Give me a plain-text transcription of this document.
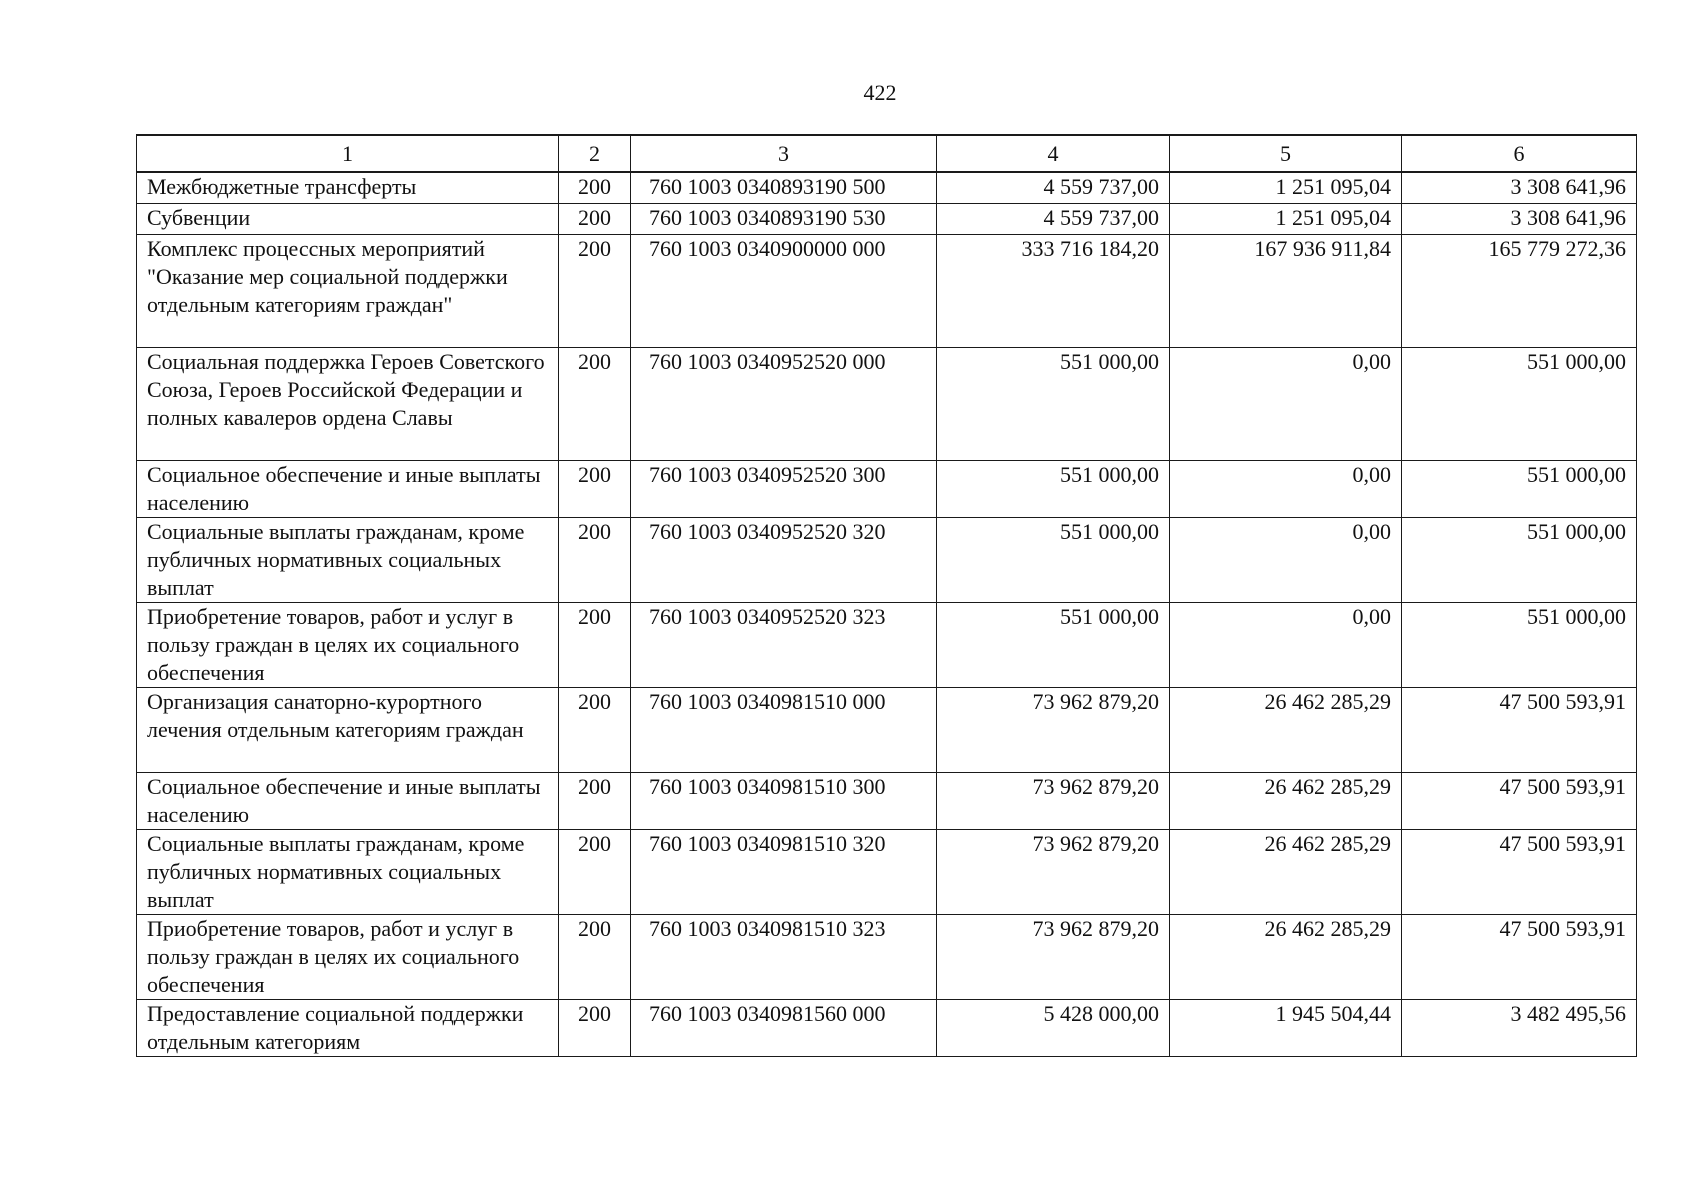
422
1	2	3	4	5	6
Межбюджетные трансферты	200	760 1003 0340893190 500	4 559 737,00	1 251 095,04	3 308 641,96
Субвенции	200	760 1003 0340893190 530	4 559 737,00	1 251 095,04	3 308 641,96
Комплекс процессных мероприятий "Оказание мер социальной поддержки отдельным категориям граждан"	200	760 1003 0340900000 000	333 716 184,20	167 936 911,84	165 779 272,36
Социальная поддержка Героев Советского Союза, Героев Российской Федерации и полных кавалеров ордена Славы	200	760 1003 0340952520 000	551 000,00	0,00	551 000,00
Социальное обеспечение и иные выплаты населению	200	760 1003 0340952520 300	551 000,00	0,00	551 000,00
Социальные выплаты гражданам, кроме публичных нормативных социальных выплат	200	760 1003 0340952520 320	551 000,00	0,00	551 000,00
Приобретение товаров, работ и услуг в пользу граждан в целях их социального обеспечения	200	760 1003 0340952520 323	551 000,00	0,00	551 000,00
Организация санаторно-курортного лечения отдельным категориям граждан	200	760 1003 0340981510 000	73 962 879,20	26 462 285,29	47 500 593,91
Социальное обеспечение и иные выплаты населению	200	760 1003 0340981510 300	73 962 879,20	26 462 285,29	47 500 593,91
Социальные выплаты гражданам, кроме публичных нормативных социальных выплат	200	760 1003 0340981510 320	73 962 879,20	26 462 285,29	47 500 593,91
Приобретение товаров, работ и услуг в пользу граждан в целях их социального обеспечения	200	760 1003 0340981510 323	73 962 879,20	26 462 285,29	47 500 593,91
Предоставление социальной поддержки отдельным категориям	200	760 1003 0340981560 000	5 428 000,00	1 945 504,44	3 482 495,56
